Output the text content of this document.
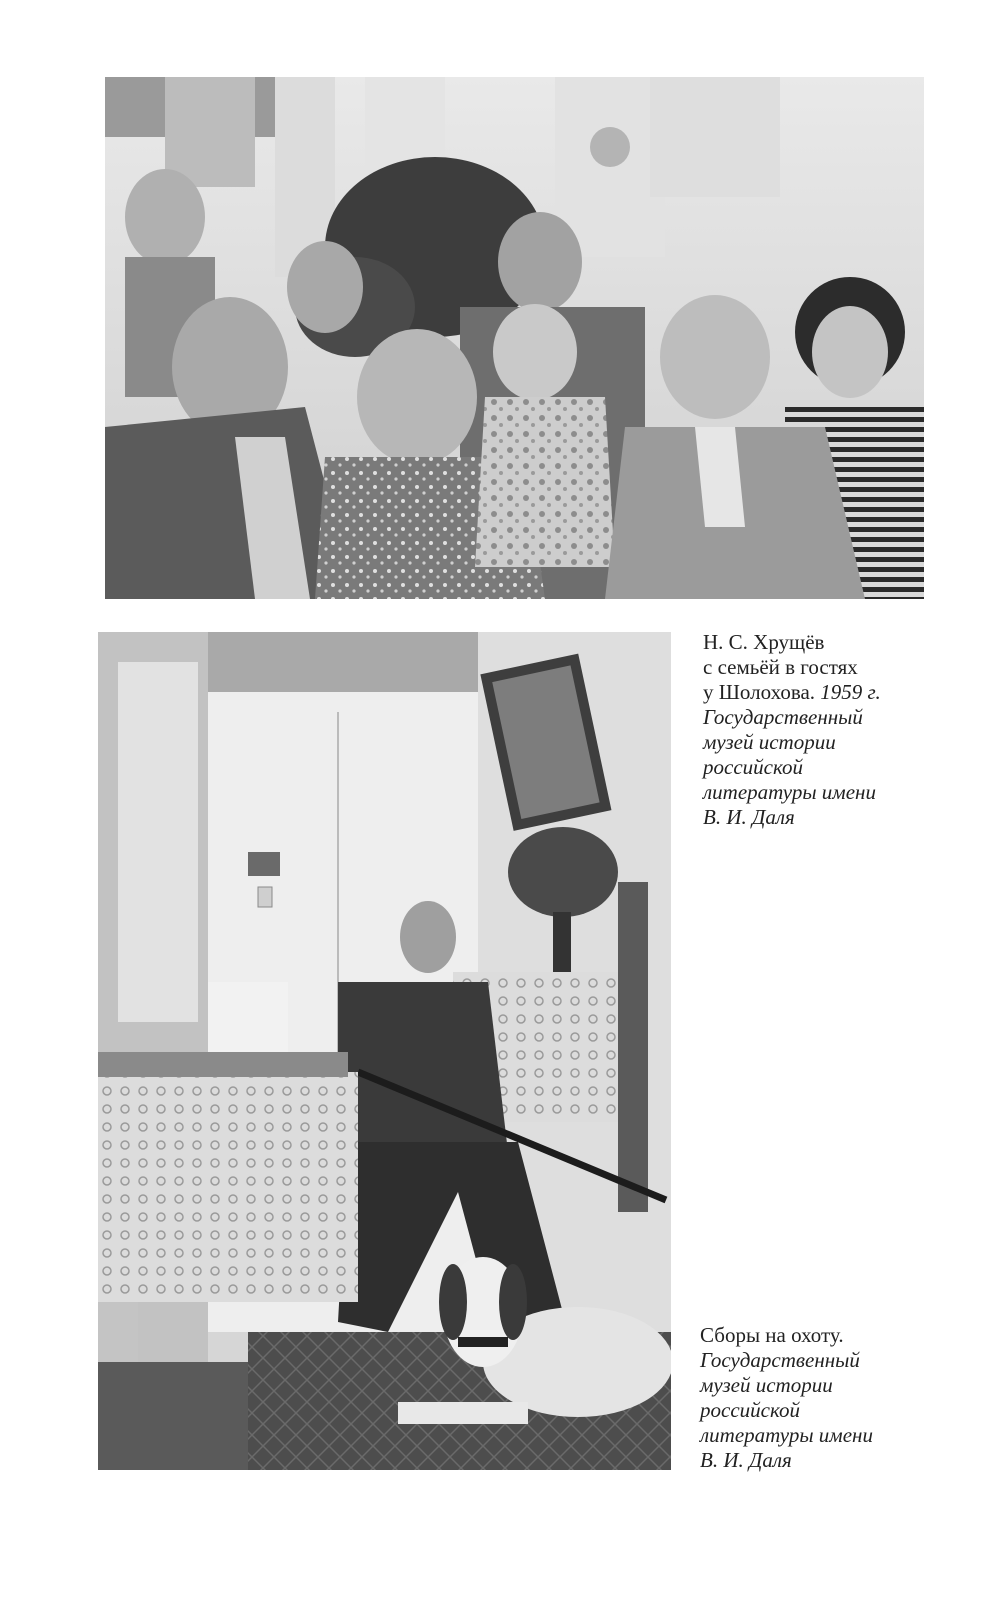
Н. С. Хрущёв
с семьёй в гостях
у Шолохова. 1959 г.
Государственный
музей истории
российской
литературы имени
В. И. Даля
Сборы на охоту.
Государственный
музей истории
российской
литературы имени
В. И. Даля
